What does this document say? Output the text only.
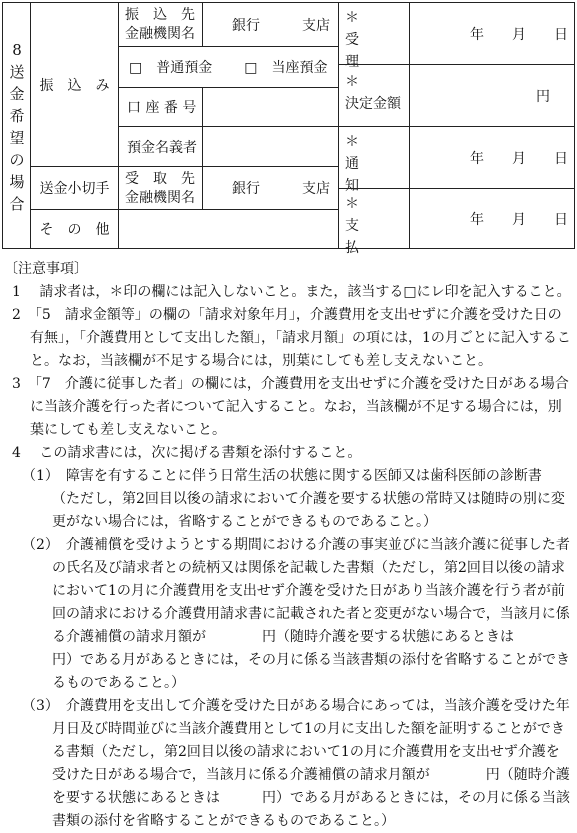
8
送
金
希
望
の
場
合
振　込　み
送金小切手
そ　の　他
振　込　先
金融機関名
銀行　　　支店
□　普通預金 □　当座預金
口 座 番 号
預金名義者
受　取　先
金融機関名
銀行　　　支店
＊
受　　　理
年　　月　　日
＊
決定金額	円
＊
通　　　知
年　　月　　日
＊
支　　　払
年　　月　　日

〔注意事項〕

1　 請求者は，＊印の欄には記入しないこと。また，該当する□にレ印を記入すること。

2　「5　請求金額等」の欄の「請求対象年月」，介護費用を支出せずに介護を受けた日の有無」，「介護費用として支出した額」，「請求月額」の項には，1の月ごとに記入すること。なお，当該欄が不足する場合には，別葉にしても差し支えないこと。

3　「7　介護に従事した者」の欄には，介護費用を支出せずに介護を受けた日がある場合に当該介護を行った者について記入すること。なお，当該欄が不足する場合には，別葉にしても差し支えないこと。

4　 この請求書には，次に掲げる書類を添付すること。

（1）　障害を有することに伴う日常生活の状態に関する医師又は歯科医師の診断書

（ただし，第2回目以後の請求において介護を要する状態の常時又は随時の別に変更がない場合には，省略することができるものであること。）

（2）　介護補償を受けようとする期間における介護の事実並びに当該介護に従事した者の氏名及び請求者との続柄又は関係を記載した書類（ただし，第2回目以後の請求において1の月に介護費用を支出せず介護を受けた日があり当該介護を行う者が前回の請求における介護費用請求書に記載された者と変更がない場合で，当該月に係る介護補償の請求月額が　　　　円（随時介護を要する状態にあるときは　　　円）である月があるときには，その月に係る当該書類の添付を省略することができるものであること。）

（3）　介護費用を支出して介護を受けた日がある場合にあっては，当該介護を受けた年月日及び時間並びに当該介護費用として1の月に支出した額を証明することができる書類（ただし，第2回目以後の請求において1の月に介護費用を支出せず介護を受けた日がある場合で，当該月に係る介護補償の請求月額が　　　　円（随時介護を要する状態にあるときは　　　円）である月があるときには，その月に係る当該書類の添付を省略することができるものであること。）
